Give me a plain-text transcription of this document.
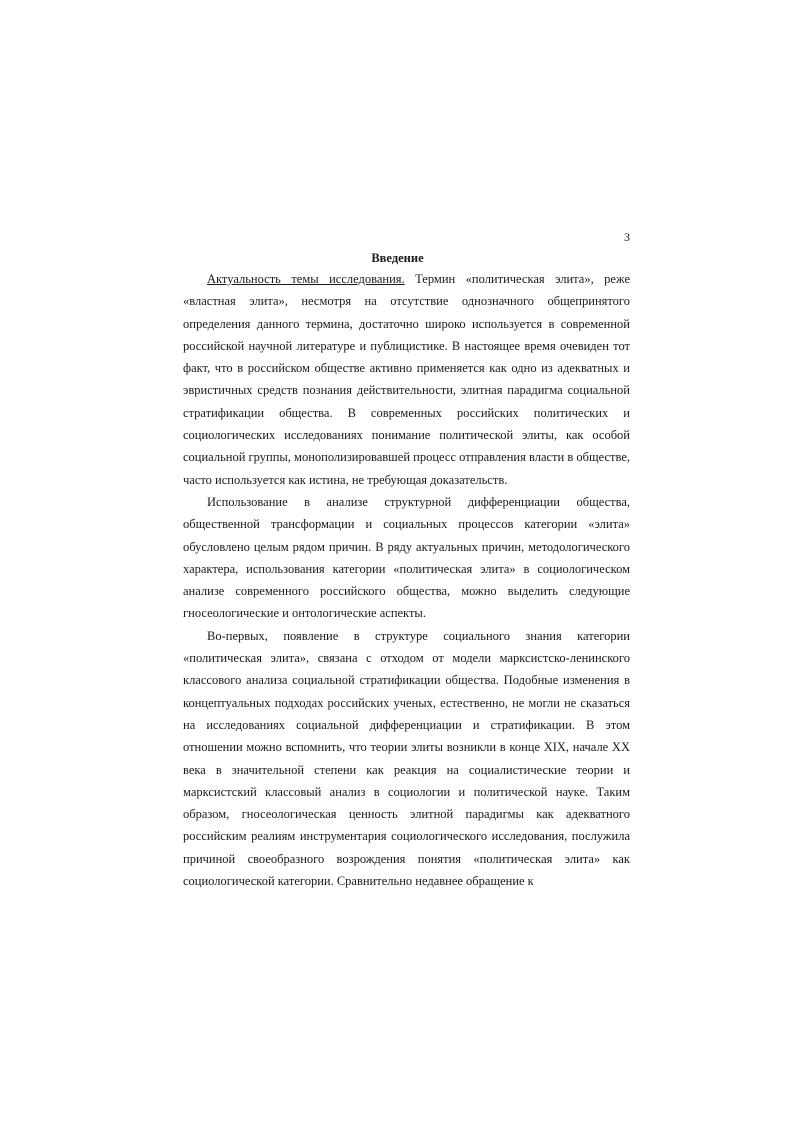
3
Введение

Актуальность темы исследования. Термин «политическая элита», реже «властная элита», несмотря на отсутствие однозначного общепринятого определения данного термина, достаточно широко используется в современной российской научной литературе и публицистике. В настоящее время очевиден тот факт, что в российском обществе активно применяется как одно из адекватных и эвристичных средств познания действительности, элитная парадигма социальной стратификации общества. В современных российских политических и социологических исследованиях понимание политической элиты, как особой социальной группы, монополизировавшей процесс отправления власти в обществе, часто используется как истина, не требующая доказательств.

Использование в анализе структурной дифференциации общества, общественной трансформации и социальных процессов категории «элита» обусловлено целым рядом причин. В ряду актуальных причин, методологического характера, использования категории «политическая элита» в социологическом анализе современного российского общества, можно выделить следующие гносеологические и онтологические аспекты.

Во-первых, появление в структуре социального знания категории «политическая элита», связана с отходом от модели марксистско-ленинского классового анализа социальной стратификации общества. Подобные изменения в концептуальных подходах российских ученых, естественно, не могли не сказаться на исследованиях социальной дифференциации и стратификации. В этом отношении можно вспомнить, что теории элиты возникли в конце XIX, начале XX века в значительной степени как реакция на социалистические теории и марксистский классовый анализ в социологии и политической науке. Таким образом, гносеологическая ценность элитной парадигмы как адекватного российским реалиям инструментария социологического исследования, послужила причиной своеобразного возрождения понятия «политическая элита» как социологической категории. Сравнительно недавнее обращение к
